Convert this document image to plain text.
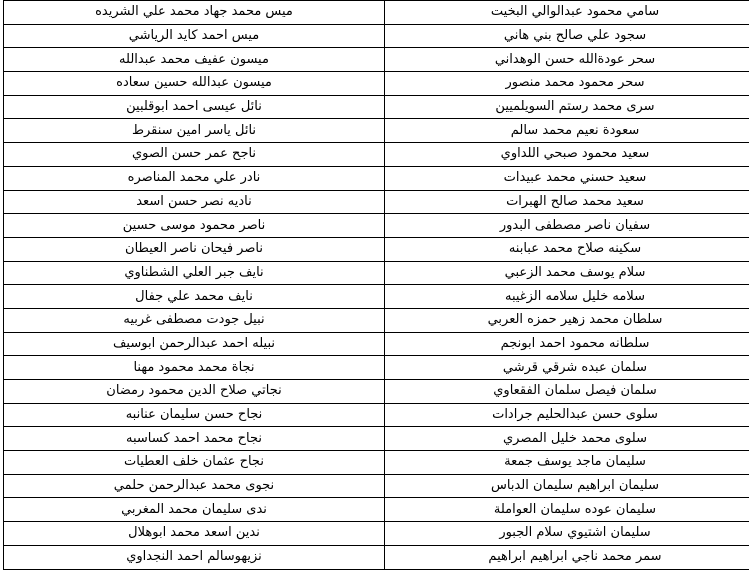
سامي محمود عبدالوالي البخيت	ميس محمد جهاد محمد علي الشريده
سجود علي صالح بني هاني	ميس احمد كايد الرياشي
سحر عودةالله حسن الوهداني	ميسون عفيف محمد عبدالله
سحر محمود محمد منصور	ميسون عبدالله حسين سعاده
سرى محمد رستم السويلميين	نائل عيسى احمد ابوقلبين
سعودة نعيم محمد سالم	نائل ياسر امين سنقرط
سعيد محمود صبحي اللداوي	ناجح عمر حسن الصوي
سعيد حسني محمد عبيدات	نادر علي محمد المناصره
سعيد محمد صالح الهبرات	ناديه نصر حسن اسعد
سفيان ناصر مصطفى البدور	ناصر محمود موسى حسين
سكينه صلاح محمد عبابنه	ناصر فيحان ناصر العيطان
سلام يوسف محمد الزعبي	نايف جبر العلي الشطناوي
سلامه خليل سلامه الزغيبه	نايف محمد علي جفال
سلطان محمد زهير حمزه العربي	نبيل جودت مصطفى غربيه
سلطانه محمود احمد ابونجم	نبيله احمد عبدالرحمن ابوسيف
سلمان عبده شرقي قرشي	نجاة محمد محمود مهنا
سلمان فيصل سلمان الفقعاوي	نجاتي صلاح الدين محمود رمضان
سلوى حسن عبدالحليم جرادات	نجاح حسن سليمان عنانبه
سلوى محمد خليل المصري	نجاح محمد احمد كساسبه
سليمان ماجد يوسف جمعة	نجاح عثمان خلف العطيات
سليمان ابراهيم سليمان الدباس	نجوى محمد عبدالرحمن حلمي
سليمان عوده سليمان العواملة	ندى سليمان محمد المغربي
سليمان اشتيوي سلام الجبور	ندين اسعد محمد ابوهلال
سمر محمد ناجي ابراهيم ابراهيم	نزيهوسالم احمد النجداوي
